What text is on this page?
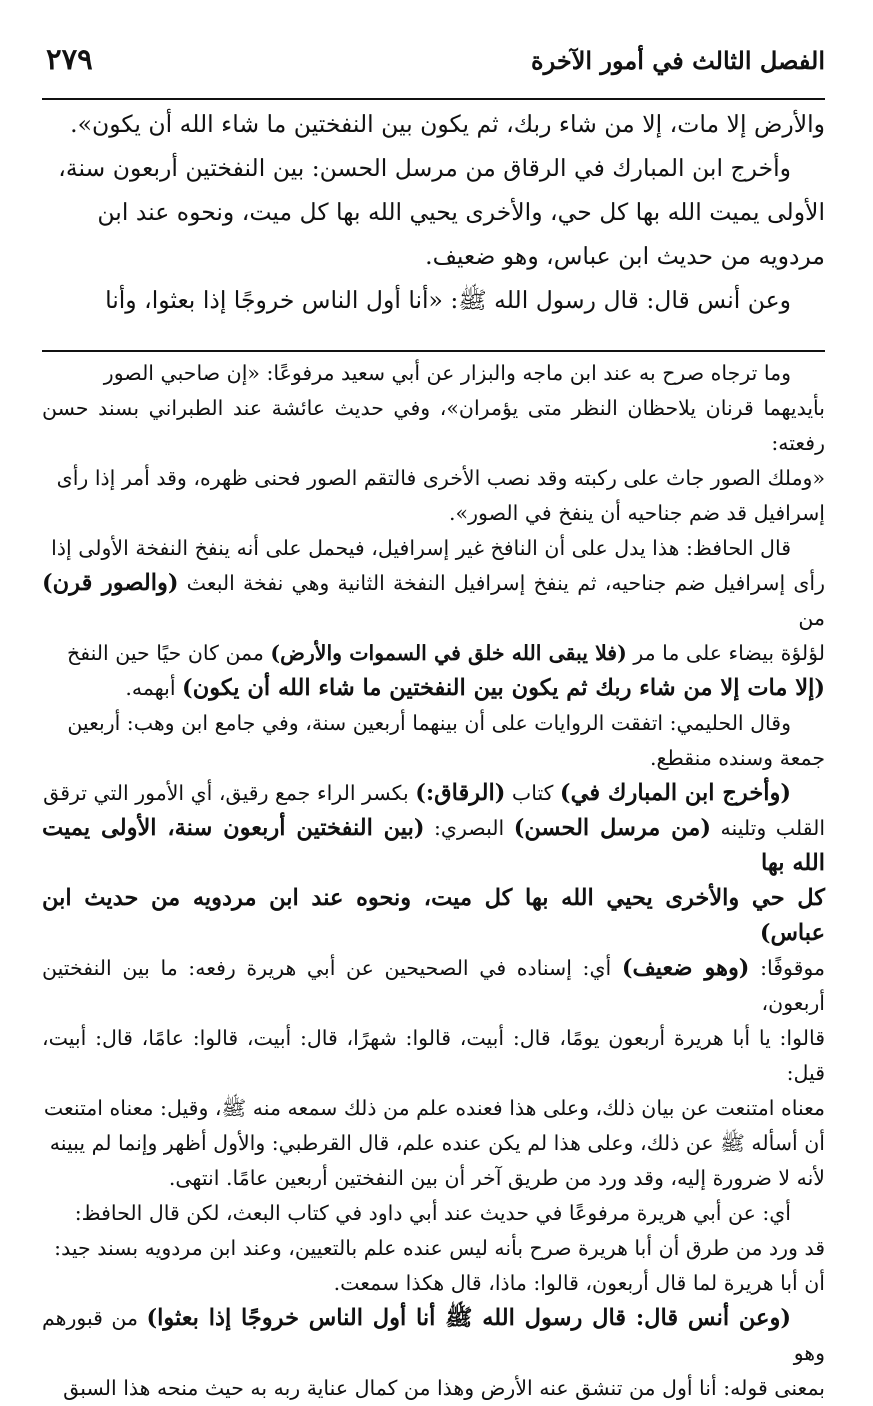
الفصل الثالث في أمور الآخرة
٢٧٩

والأرض إلا مات، إلا من شاء ربك، ثم يكون بين النفختين ما شاء الله أن يكون».

وأخرج ابن المبارك في الرقاق من مرسل الحسن: بين النفختين أربعون سنة،
الأولى يميت الله بها كل حي، والأخرى يحيي الله بها كل ميت، ونحوه عند ابن
مردويه من حديث ابن عباس، وهو ضعيف.

وعن أنس قال: قال رسول الله ﷺ: «أنا أول الناس خروجًا إذا بعثوا، وأنا

وما ترجاه صرح به عند ابن ماجه والبزار عن أبي سعيد مرفوعًا: «إن صاحبي الصور
بأيديهما قرنان يلاحظان النظر متى يؤمران»، وفي حديث عائشة عند الطبراني بسند حسن رفعته:
«وملك الصور جاث على ركبته وقد نصب الأخرى فالتقم الصور فحنى ظهره، وقد أمر إذا رأى
إسرافيل قد ضم جناحيه أن ينفخ في الصور».

قال الحافظ: هذا يدل على أن النافخ غير إسرافيل، فيحمل على أنه ينفخ النفخة الأولى إذا
رأى إسرافيل ضم جناحيه، ثم ينفخ إسرافيل النفخة الثانية وهي نفخة البعث (والصور قرن) من
لؤلؤة بيضاء على ما مر (فلا يبقى الله خلق في السموات والأرض) ممن كان حيًا حين النفخ
(إلا مات إلا من شاء ربك ثم يكون بين النفختين ما شاء الله أن يكون) أبهمه.

وقال الحليمي: اتفقت الروايات على أن بينهما أربعين سنة، وفي جامع ابن وهب: أربعين
جمعة وسنده منقطع.

(وأخرج ابن المبارك في) كتاب (الرقاق:) بكسر الراء جمع رقيق، أي الأمور التي ترقق
القلب وتلينه (من مرسل الحسن) البصري: (بين النفختين أربعون سنة، الأولى يميت الله بها
كل حي والأخرى يحيي الله بها كل ميت، ونحوه عند ابن مردويه من حديث ابن عباس)
موقوفًا: (وهو ضعيف) أي: إسناده في الصحيحين عن أبي هريرة رفعه: ما بين النفختين أربعون،
قالوا: يا أبا هريرة أربعون يومًا، قال: أبيت، قالوا: شهرًا، قال: أبيت، قالوا: عامًا، قال: أبيت، قيل:
معناه امتنعت عن بيان ذلك، وعلى هذا فعنده علم من ذلك سمعه منه ﷺ، وقيل: معناه امتنعت
أن أسأله ﷺ عن ذلك، وعلى هذا لم يكن عنده علم، قال القرطبي: والأول أظهر وإنما لم يبينه
لأنه لا ضرورة إليه، وقد ورد من طريق آخر أن بين النفختين أربعين عامًا. انتهى.

أي: عن أبي هريرة مرفوعًا في حديث عند أبي داود في كتاب البعث، لكن قال الحافظ:
قد ورد من طرق أن أبا هريرة صرح بأنه ليس عنده علم بالتعيين، وعند ابن مردويه بسند جيد:
أن أبا هريرة لما قال أربعون، قالوا: ماذا، قال هكذا سمعت.

(وعن أنس قال: قال رسول الله ﷺ أنا أول الناس خروجًا إذا بعثوا) من قبورهم وهو
بمعنى قوله: أنا أول من تنشق عنه الأرض وهذا من كمال عناية ربه به حيث منحه هذا السبق
